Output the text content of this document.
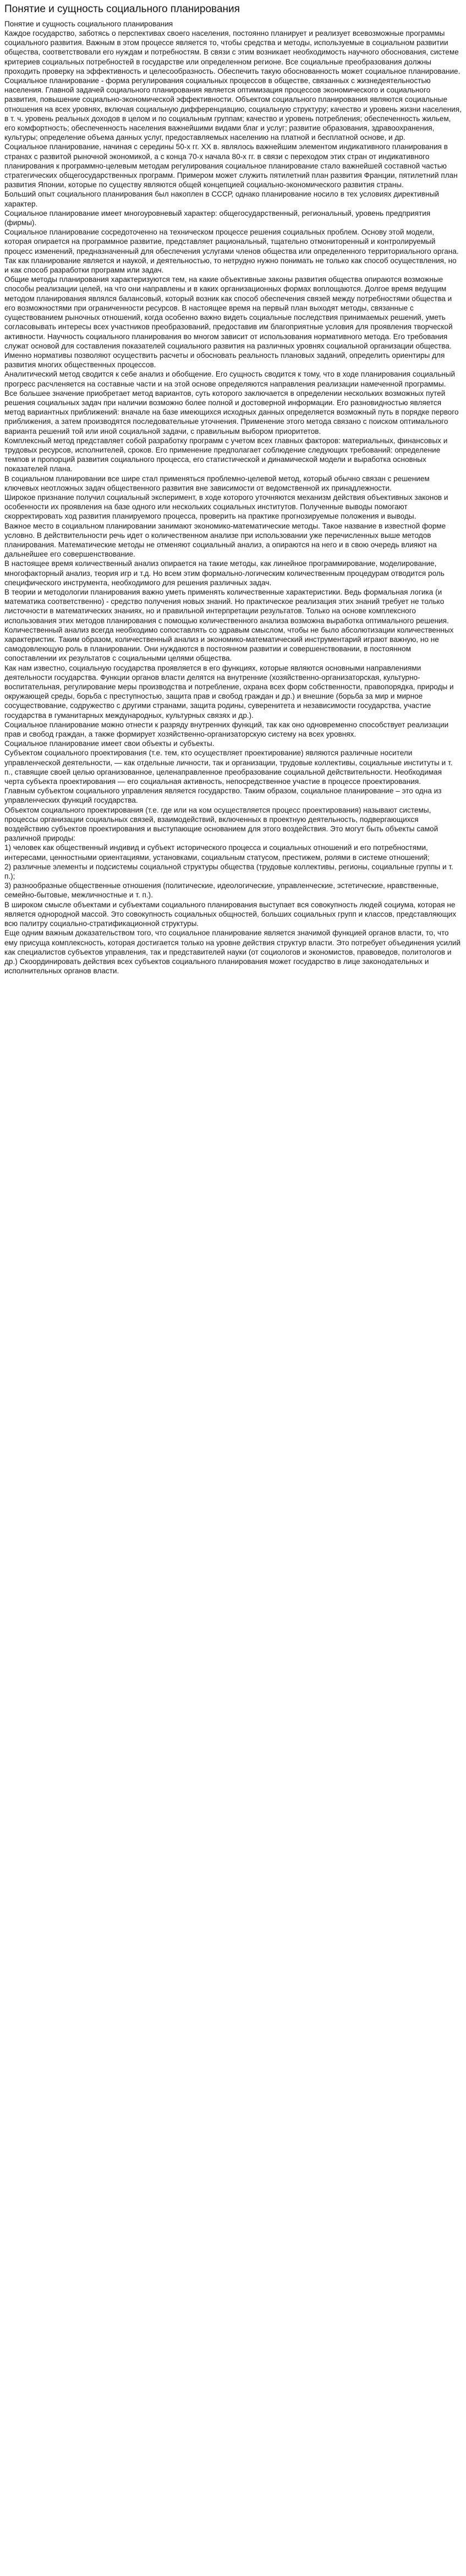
Понятие и сущность социального планирования

Понятие и сущность социального планирования

Каждое государство, заботясь о перспективах своего населения, постоянно планирует и реализует всевозможные программы социального развития. Важным в этом процессе является то, чтобы средства и методы, используемые в социальном развитии общества, соответствовали его нуждам и потребностям. В связи с этим возникает необходимость научного обоснования, системе критериев социальных потребностей в государстве или определенном регионе. Все социальные преобразования должны проходить проверку на эффективность и целесообразность. Обеспечить такую обоснованность может социальное планирование.

Социальное планирование - форма регулирования социальных процессов в обществе, связанных с жизнедеятельностью населения. Главной задачей социального планирования является оптимизация процессов экономического и социального развития, повышение социально-экономической эффективности. Объектом социального планирования являются социальные отношения на всех уровнях, включая социальную дифференциацию, социальную структуру; качество и уровень жизни населения, в т. ч. уровень реальных доходов в целом и по социальным группам; качество и уровень потребления; обеспеченность жильем, его комфортность; обеспеченность населения важнейшими видами благ и услуг; развитие образования, здравоохранения, культуры; определение объема данных услуг, предоставляемых населению на платной и бесплатной основе, и др.

Социальное планирование, начиная с середины 50-х гг. XX в. являлось важнейшим элементом индикативного планирования в странах с развитой рыночной экономикой, а с конца 70-х начала 80-х гг. в связи с переходом этих стран от индикативного планирования к программно-целевым методам регулирования социальное планирование стало важнейшей составной частью стратегических общегосударственных программ. Примером может служить пятилетний план развития Франции, пятилетний план развития Японии, которые по существу являются общей концепцией социально-экономического развития страны.

Больший опыт социального планирования был накоплен в СССР, однако планирование носило в тех условиях директивный характер.

Социальное планирование имеет многоуровневый характер: общегосударственный, региональный, уровень предприятия (фирмы).

Социальное планирование сосредоточенно на техническом процессе решения социальных проблем. Основу этой модели, которая опирается на программное развитие, представляет рациональный, тщательно отмониторенный и контролируемый процесс изменений, предназначенный для обеспечения услугами членов общества или определенного территориального органа. Так как планирование является и наукой, и деятельностью, то нетрудно нужно понимать не только как способ осуществления, но и как способ разработки программ или задач.

Общие методы планирования характеризуются тем, на какие объективные законы развития общества опираются возможные способы реализации целей, на что они направлены и в каких организационных формах воплощаются. Долгое время ведущим методом планирования являлся балансовый, который возник как способ обеспечения связей между потребностями общества и его возможностями при ограниченности ресурсов. В настоящее время на первый план выходят методы, связанные с существованием рыночных отношений, когда особенно важно видеть социальные последствия принимаемых решений, уметь согласовывать интересы всех участников преобразований, предоставив им благоприятные условия для проявления творческой активности. Научность социального планирования во многом зависит от использования нормативного метода. Его требования служат основой для составления показателей социального развития на различных уровнях социальной организации общества. Именно нормативы позволяют осуществить расчеты и обосновать реальность плановых заданий, определить ориентиры для развития многих общественных процессов.

Аналитический метод сводится к себе анализ и обобщение. Его сущность сводится к тому, что в ходе планирования социальный прогресс расчленяется на составные части и на этой основе определяются направления реализации намеченной программы.

Все большее значение приобретает метод вариантов, суть которого заключается в определении нескольких возможных путей решения социальных задач при наличии возможно более полной и достоверной информации. Его разновидностью является метод вариантных приближений: вначале на базе имеющихся исходных данных определяется возможный путь в порядке первого приближения, а затем производятся последовательные уточнения. Применение этого метода связано с поиском оптимального варианта решений той или иной социальной задачи, с правильным выбором приоритетов.

Комплексный метод представляет собой разработку программ с учетом всех главных факторов: материальных, финансовых и трудовых ресурсов, исполнителей, сроков. Его применение предполагает соблюдение следующих требований: определение темпов и пропорций развития социального процесса, его статистической и динамической модели и выработка основных показателей плана.

В социальном планировании все шире стал применяться проблемно-целевой метод, который обычно связан с решением ключевых неотложных задач общественного развития вне зависимости от ведомственной их принадлежности.

Широкое признание получил социальный эксперимент, в ходе которого уточняются механизм действия объективных законов и особенности их проявления на базе одного или нескольких социальных институтов. Полученные выводы помогают скорректировать ход развития планируемого процесса, проверить на практике прогнозируемые положения и выводы.

Важное место в социальном планировании занимают экономико-математические методы. Такое название в известной форме условно. В действительности речь идет о количественном анализе при использовании уже перечисленных выше методов планирования. Математические методы не отменяют социальный анализ, а опираются на него и в свою очередь влияют на дальнейшее его совершенствование.

В настоящее время количественный анализ опирается на такие методы, как линейное программирование, моделирование, многофакторный анализ, теория игр и т.д. Но всем этим формально-логическим количественным процедурам отводится роль специфического инструмента, необходимого для решения различных задач.

В теории и методологии планирования важно уметь применять количественные характеристики. Ведь формальная логика (и математика соответственно) - средство получения новых знаний. Но практическое реализация этих знаний требует не только листочности в математических знаниях, но и правильной интерпретации результатов. Только на основе комплексного использования этих методов планирования с помощью количественного анализа возможна выработка оптимального решения. Количественный анализ всегда необходимо сопоставлять со здравым смыслом, чтобы не было абсолютизации количественных характеристик. Таким образом, количественный анализ и экономико-математический инструментарий играют важную, но не самодовлеющую роль в планировании. Они нуждаются в постоянном развитии и совершенствовании, в постоянном сопоставлении их результатов с социальными целями общества.

Как нам известно, социальную государства проявляется в его функциях, которые являются основными направлениями деятельности государства. Функции органов власти делятся на внутренние (хозяйственно-организаторская, культурно-воспитательная, регулирование меры производства и потребление, охрана всех форм собственности, правопорядка, природы и окружающей среды, борьба с преступностью, защита прав и свобод граждан и др.) и внешние (борьба за мир и мирное сосуществование, содружество с другими странами, защита родины, суверенитета и независимости государства, участие государства в гуманитарных международных, культурных связях и др.).

Социальное планирование можно отнести к разряду внутренних функций, так как оно одновременно способствует реализации прав и свобод граждан, а также формирует хозяйственно-организаторскую систему на всех уровнях.

Социальное планирование имеет свои объекты и субъекты.

Субъектом социального проектирования (т.е. тем, кто осуществляет проектирование) являются различные носители управленческой деятельности, — как отдельные личности, так и организации, трудовые коллективы, социальные институты и т. п., ставящие своей целью организованное, целенаправленное преобразование социальной действительности. Необходимая черта субъекта проектирования — его социальная активность, непосредственное участие в процессе проектирования.

Главным субъектом социального управления является государство. Таким образом, социальное планирование – это одна из управленческих функций государства.

Объектом социального проектирования (т.е. где или на ком осуществляется процесс проектирования) называют системы, процессы организации социальных связей, взаимодействий, включенных в проектную деятельность, подвергающихся воздействию субъектов проектирования и выступающие основанием для этого воздействия. Это могут быть объекты самой различной природы:

1) человек как общественный индивид и субъект исторического процесса и социальных отношений и его потребностями, интересами, ценностными ориентациями, установками, социальным статусом, престижем, ролями в системе отношений;

2) различные элементы и подсистемы социальной структуры общества (трудовые коллективы, регионы, социальные группы и т. п.);

3) разнообразные общественные отношения (политические, идеологические, управленческие, эстетические, нравственные, семейно-бытовые, межличностные и т. п.).

В широком смысле объектами и субъектами социального планирования выступает вся совокупность людей социума, которая не является однородной массой. Это совокупность социальных общностей, больших социальных групп и классов, представляющих всю палитру социально-стратификационной структуры.

Еще одним важным доказательством того, что социальное планирование является значимой функцией органов власти, то, что ему присуща комплексность, которая достигается только на уровне действия структур власти. Это потребует объединения усилий как специалистов субъектов управления, так и представителей науки (от социологов и экономистов, правоведов, политологов и др.) Скоординировать действия всех субъектов социального планирования может государство в лице законодательных и исполнительных органов власти.
